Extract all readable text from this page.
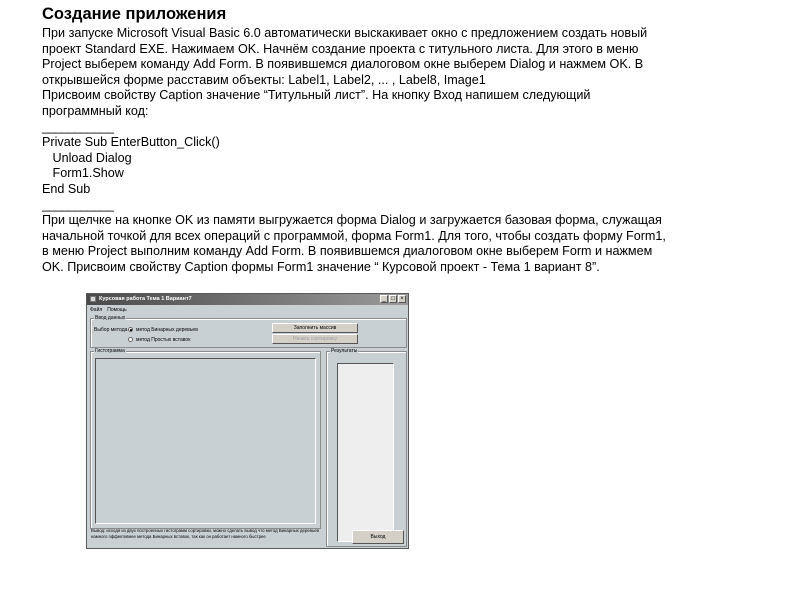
Создание приложения

При запуске Microsoft Visual Basic 6.0 автоматически выскакивает окно с предложением создать новый
проект Standard EXE. Нажимаем OK. Начнём создание проекта с титульного листа. Для этого в меню
Project выберем команду Add Form. В появившемся диалоговом окне выберем Dialog и нажмем OK. В
открывшейся форме расставим объекты: Label1, Label2, ... , Label8, Image1

Присвоим свойству Caption значение “Титульный лист”. На кнопку Вход напишем следующий
программный код:

___________

Private Sub EnterButton_Click()

Unload Dialog

Form1.Show

End Sub

___________

При щелчке на кнопке OK из памяти выгружается форма Dialog и загружается базовая форма, служащая
начальной точкой для всех операций с программой, форма Form1. Для того, чтобы создать форму Form1,
в меню Project выполним команду Add Form. В появившемся диалоговом окне выберем Form и нажмем
OK. Присвоим свойству Caption формы Form1 значение “ Курсовой проект - Тема 1 вариант 8”.

Курсовая работа Тема 1 Вариант7	_ □ ×
Файл Помощь
Ввод данных
Выбор метода метод Бинарных деревьев
метод Простых вставок
Заполнить массив
Начать сортировку
Гистограмма	Результаты
Вывод: исходя из двух построенных гистограмм сортировки, можно сделать вывод что метод Бинарных деревьев
намного эффективнее метода Бинарных вставок, так как он работает намного быстрее	Выход
